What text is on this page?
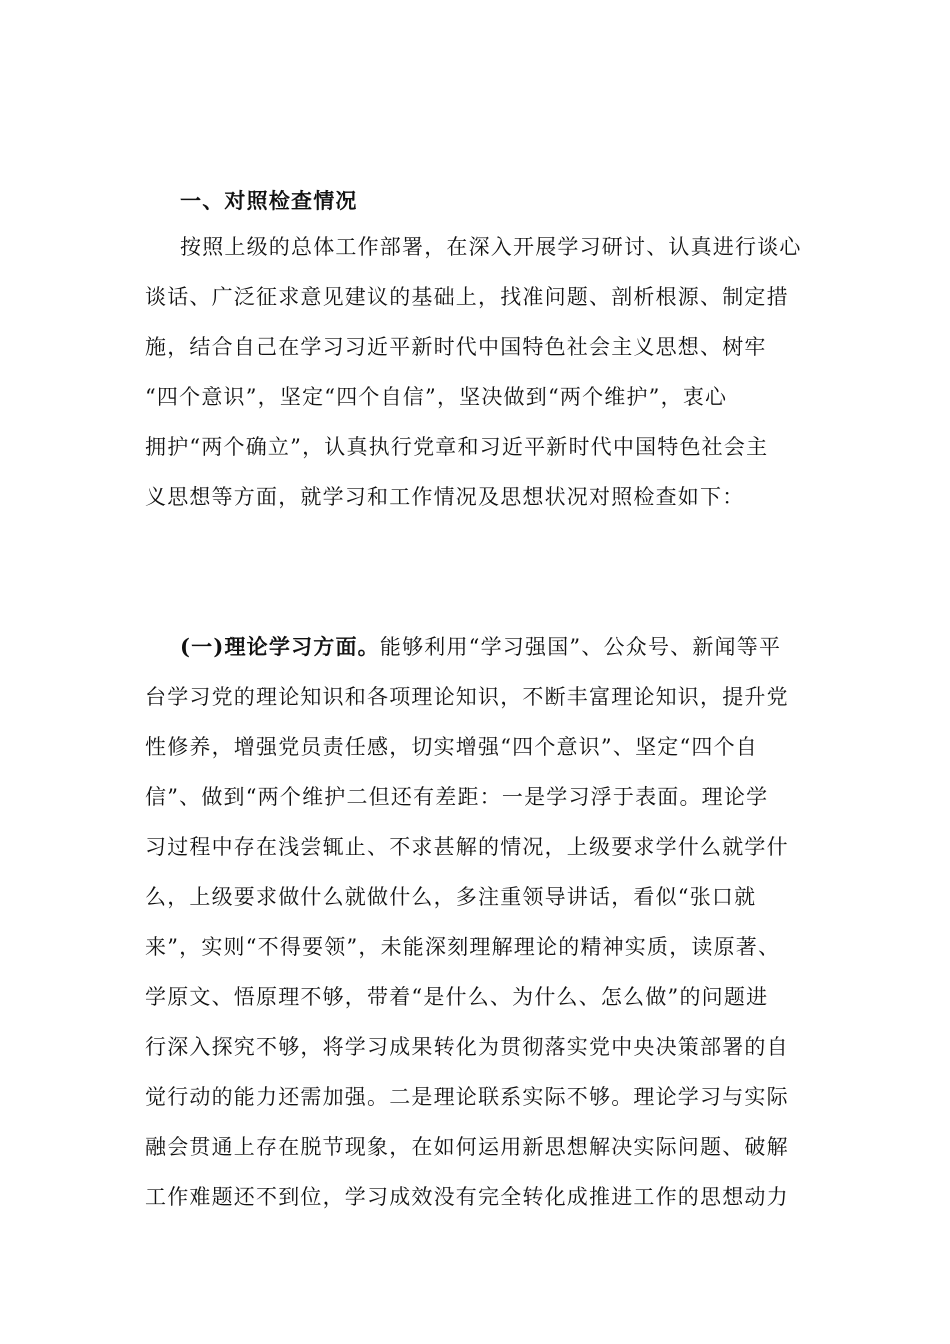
一、对照检查情况
按照上级的总体工作部署，在深入开展学习研讨、认真进行谈心
谈话、广泛征求意见建议的基础上，找准问题、剖析根源、制定措
施，结合自己在学习习近平新时代中国特色社会主义思想、树牢
“四个意识”，坚定“四个自信”，坚决做到“两个维护”，衷心
拥护“两个确立”，认真执行党章和习近平新时代中国特色社会主
义思想等方面，就学习和工作情况及思想状况对照检查如下：
(一)理论学习方面。能够利用“学习强国”、公众号、新闻等平
台学习党的理论知识和各项理论知识，不断丰富理论知识，提升党
性修养，增强党员责任感，切实增强“四个意识”、坚定“四个自
信”、做到“两个维护二但还有差距：一是学习浮于表面。理论学
习过程中存在浅尝辄止、不求甚解的情况，上级要求学什么就学什
么，上级要求做什么就做什么，多注重领导讲话，看似“张口就
来”，实则“不得要领”，未能深刻理解理论的精神实质，读原著、
学原文、悟原理不够，带着“是什么、为什么、怎么做”的问题进
行深入探究不够，将学习成果转化为贯彻落实党中央决策部署的自
觉行动的能力还需加强。二是理论联系实际不够。理论学习与实际
融会贯通上存在脱节现象，在如何运用新思想解决实际问题、破解
工作难题还不到位，学习成效没有完全转化成推进工作的思想动力
